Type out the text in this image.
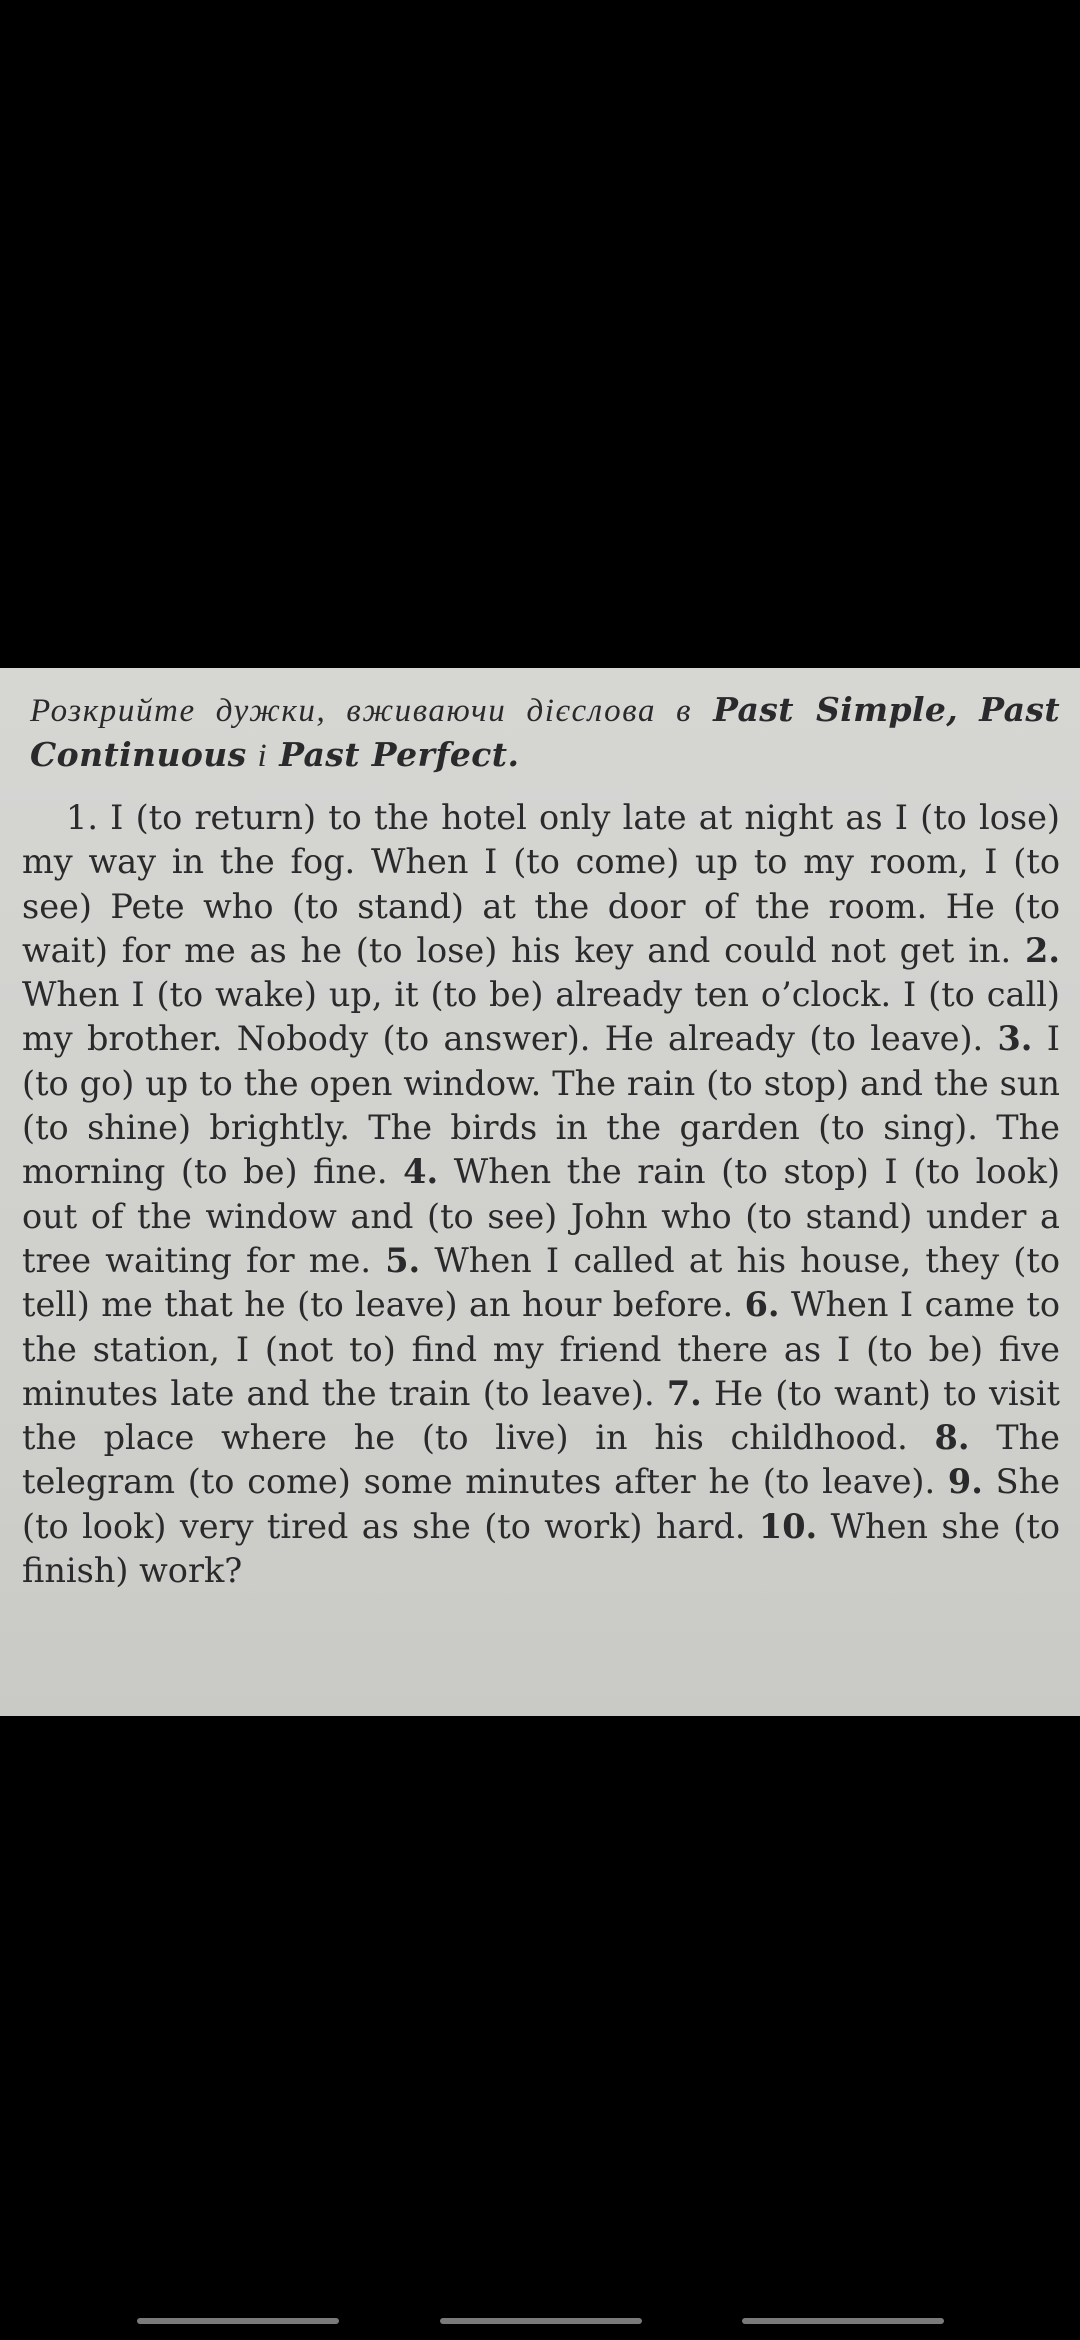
Розкрийте дужки, вживаючи дієслова в Past Simple, Past Continuous і Past Perfect.

1. I (to return) to the hotel only late at night as I (to lose) my way in the fog. When I (to come) up to my room, I (to see) Pete who (to stand) at the door of the room. He (to wait) for me as he (to lose) his key and could not get in. 2. When I (to wake) up, it (to be) already ten o’clock. I (to call) my brother. Nobody (to answer). He already (to leave). 3. I (to go) up to the open window. The rain (to stop) and the sun (to shine) brightly. The birds in the garden (to sing). The morning (to be) fine. 4. When the rain (to stop) I (to look) out of the window and (to see) John who (to stand) under a tree waiting for me. 5. When I called at his house, they (to tell) me that he (to leave) an hour before. 6. When I came to the station, I (not to) find my friend there as I (to be) five minutes late and the train (to leave). 7. He (to want) to visit the place where he (to live) in his childhood. 8. The telegram (to come) some minutes after he (to leave). 9. She (to look) very tired as she (to work) hard. 10. When she (to finish) work?
